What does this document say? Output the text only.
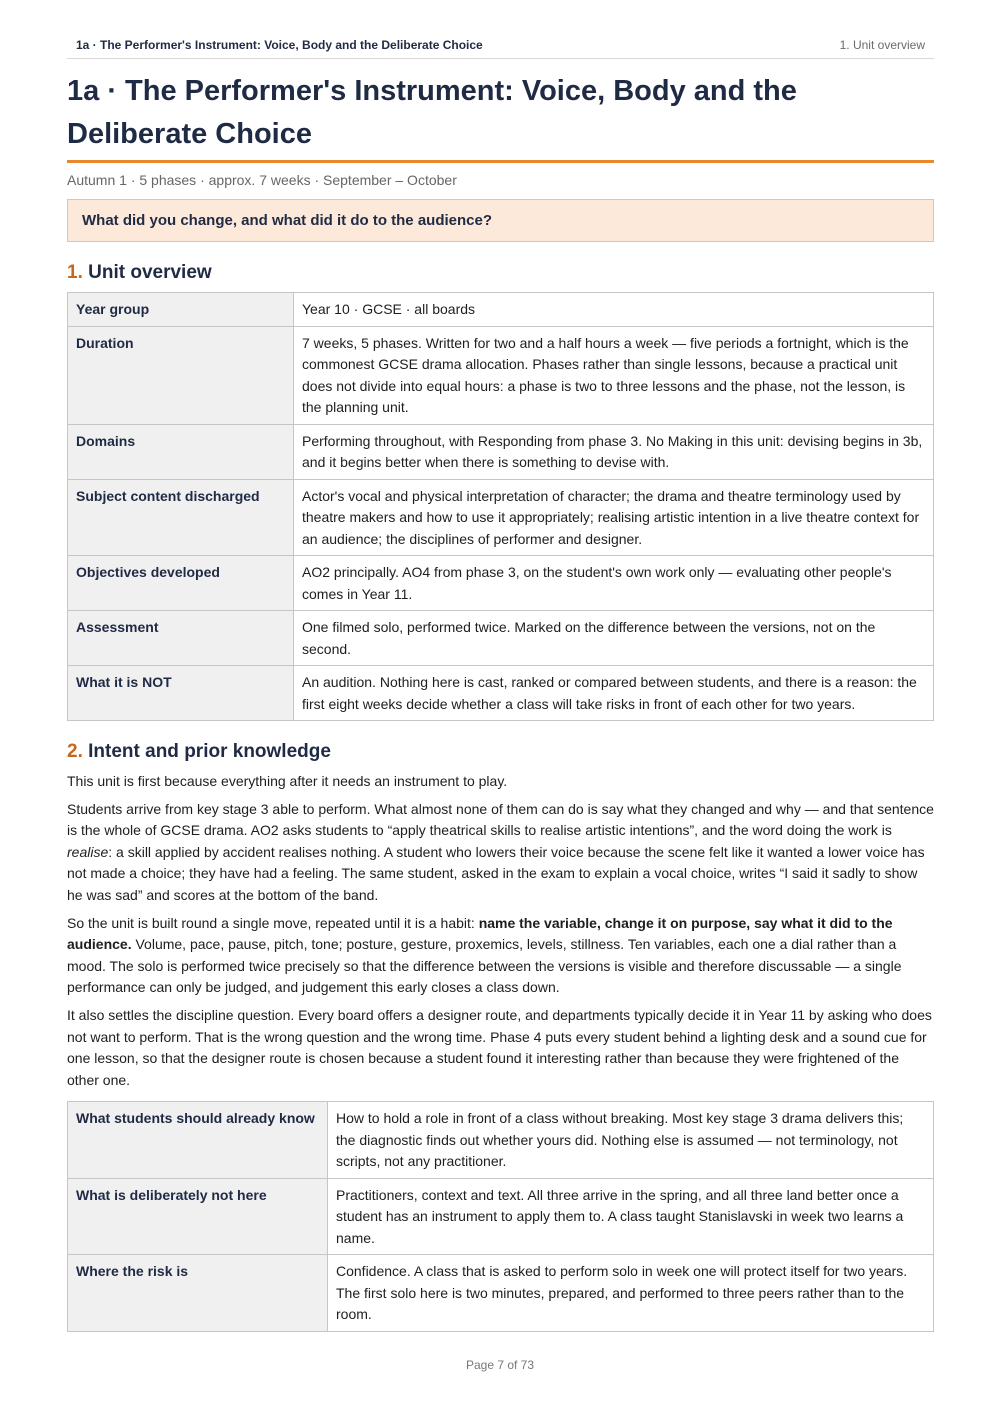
1a · The Performer's Instrument: Voice, Body and the Deliberate Choice	1. Unit overview
1a · The Performer's Instrument: Voice, Body and the Deliberate Choice
Autumn 1 · 5 phases · approx. 7 weeks · September – October
What did you change, and what did it do to the audience?
1. Unit overview
Year group	Year 10 · GCSE · all boards
Duration	7 weeks, 5 phases. Written for two and a half hours a week — five periods a fortnight, which is the commonest GCSE drama allocation. Phases rather than single lessons, because a practical unit does not divide into equal hours: a phase is two to three lessons and the phase, not the lesson, is the planning unit.
Domains	Performing throughout, with Responding from phase 3. No Making in this unit: devising begins in 3b, and it begins better when there is something to devise with.
Subject content discharged	Actor's vocal and physical interpretation of character; the drama and theatre terminology used by theatre makers and how to use it appropriately; realising artistic intention in a live theatre context for an audience; the disciplines of performer and designer.
Objectives developed	AO2 principally. AO4 from phase 3, on the student's own work only — evaluating other people's comes in Year 11.
Assessment	One filmed solo, performed twice. Marked on the difference between the versions, not on the second.
What it is NOT	An audition. Nothing here is cast, ranked or compared between students, and there is a reason: the first eight weeks decide whether a class will take risks in front of each other for two years.
2. Intent and prior knowledge

This unit is first because everything after it needs an instrument to play.

Students arrive from key stage 3 able to perform. What almost none of them can do is say what they changed and why — and that sentence is the whole of GCSE drama. AO2 asks students to “apply theatrical skills to realise artistic intentions”, and the word doing the work is realise: a skill applied by accident realises nothing. A student who lowers their voice because the scene felt like it wanted a lower voice has not made a choice; they have had a feeling. The same student, asked in the exam to explain a vocal choice, writes “I said it sadly to show he was sad” and scores at the bottom of the band.

So the unit is built round a single move, repeated until it is a habit: name the variable, change it on purpose, say what it did to the audience. Volume, pace, pause, pitch, tone; posture, gesture, proxemics, levels, stillness. Ten variables, each one a dial rather than a mood. The solo is performed twice precisely so that the difference between the versions is visible and therefore discussable — a single performance can only be judged, and judgement this early closes a class down.

It also settles the discipline question. Every board offers a designer route, and departments typically decide it in Year 11 by asking who does not want to perform. That is the wrong question and the wrong time. Phase 4 puts every student behind a lighting desk and a sound cue for one lesson, so that the designer route is chosen because a student found it interesting rather than because they were frightened of the other one.

What students should already know	How to hold a role in front of a class without breaking. Most key stage 3 drama delivers this; the diagnostic finds out whether yours did. Nothing else is assumed — not terminology, not scripts, not any practitioner.
What is deliberately not here	Practitioners, context and text. All three arrive in the spring, and all three land better once a student has an instrument to apply them to. A class taught Stanislavski in week two learns a name.
Where the risk is	Confidence. A class that is asked to perform solo in week one will protect itself for two years. The first solo here is two minutes, prepared, and performed to three peers rather than to the room.
Page 7 of 73
